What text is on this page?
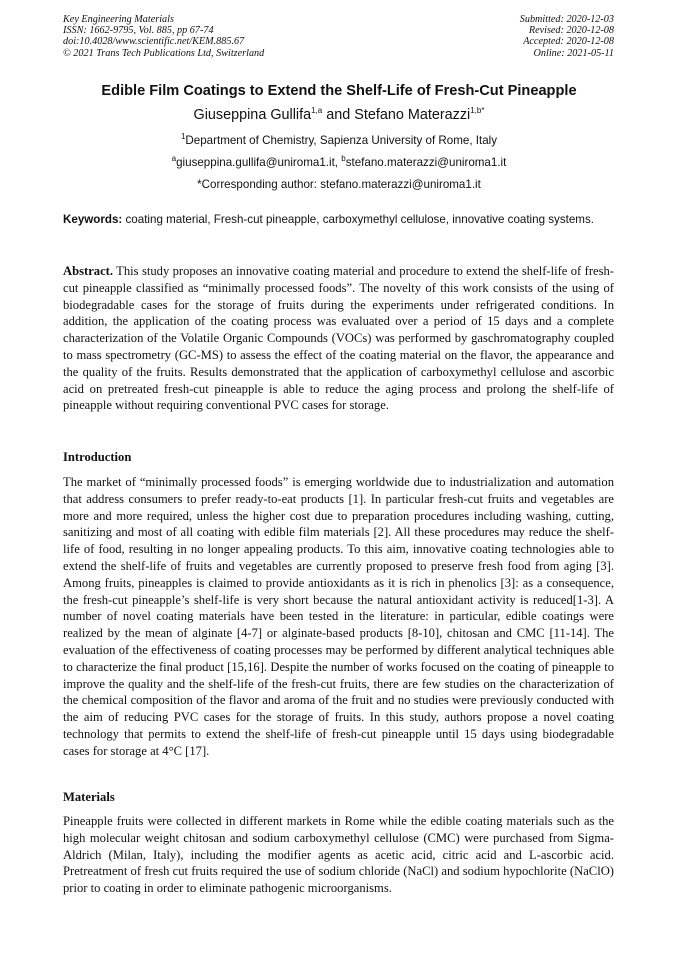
Key Engineering Materials
ISSN: 1662-9795, Vol. 885, pp 67-74
doi:10.4028/www.scientific.net/KEM.885.67
© 2021 Trans Tech Publications Ltd, Switzerland
Submitted: 2020-12-03
Revised: 2020-12-08
Accepted: 2020-12-08
Online: 2021-05-11
Edible Film Coatings to Extend the Shelf-Life of Fresh-Cut Pineapple
Giuseppina Gullifa$^{1,a}$ and Stefano Materazzi$^{1,b*}$
$^1$Department of Chemistry, Sapienza University of Rome, Italy
$^a$giuseppina.gullifa@uniroma1.it, $^b$stefano.materazzi@uniroma1.it
*Corresponding author: stefano.materazzi@uniroma1.it
Keywords: coating material, Fresh-cut pineapple, carboxymethyl cellulose, innovative coating systems.
Abstract. This study proposes an innovative coating material and procedure to extend the shelf-life of fresh-cut pineapple classified as “minimally processed foods”. The novelty of this work consists of the using of biodegradable cases for the storage of fruits during the experiments under refrigerated conditions. In addition, the application of the coating process was evaluated over a period of 15 days and a complete characterization of the Volatile Organic Compounds (VOCs) was performed by gaschromatography coupled to mass spectrometry (GC-MS) to assess the effect of the coating material on the flavor, the appearance and the quality of the fruits. Results demonstrated that the application of carboxymethyl cellulose and ascorbic acid on pretreated fresh-cut pineapple is able to reduce the aging process and prolong the shelf-life of pineapple without requiring conventional PVC cases for storage.
Introduction
The market of “minimally processed foods” is emerging worldwide due to industrialization and automation that address consumers to prefer ready-to-eat products [1]. In particular fresh-cut fruits and vegetables are more and more required, unless the higher cost due to preparation procedures including washing, cutting, sanitizing and most of all coating with edible film materials [2]. All these procedures may reduce the shelf-life of food, resulting in no longer appealing products. To this aim, innovative coating technologies able to extend the shelf-life of fruits and vegetables are currently proposed to preserve fresh food from aging [3]. Among fruits, pineapples is claimed to provide antioxidants as it is rich in phenolics [3]: as a consequence, the fresh-cut pineapple’s shelf-life is very short because the natural antioxidant activity is reduced[1-3]. A number of novel coating materials have been tested in the literature: in particular, edible coatings were realized by the mean of alginate [4-7] or alginate-based products [8-10], chitosan and CMC [11-14]. The evaluation of the effectiveness of coating processes may be performed by different analytical techniques able to characterize the final product [15,16]. Despite the number of works focused on the coating of pineapple to improve the quality and the shelf-life of the fresh-cut fruits, there are few studies on the characterization of the chemical composition of the flavor and aroma of the fruit and no studies were previously conducted with the aim of reducing PVC cases for the storage of fruits. In this study, authors propose a novel coating technology that permits to extend the shelf-life of fresh-cut pineapple until 15 days using biodegradable cases for storage at 4°C [17].
Materials
Pineapple fruits were collected in different markets in Rome while the edible coating materials such as the high molecular weight chitosan and sodium carboxymethyl cellulose (CMC) were purchased from Sigma-Aldrich (Milan, Italy), including the modifier agents as acetic acid, citric acid and L-ascorbic acid. Pretreatment of fresh cut fruits required the use of sodium chloride (NaCl) and sodium hypochlorite (NaClO) prior to coating in order to eliminate pathogenic microorganisms.
